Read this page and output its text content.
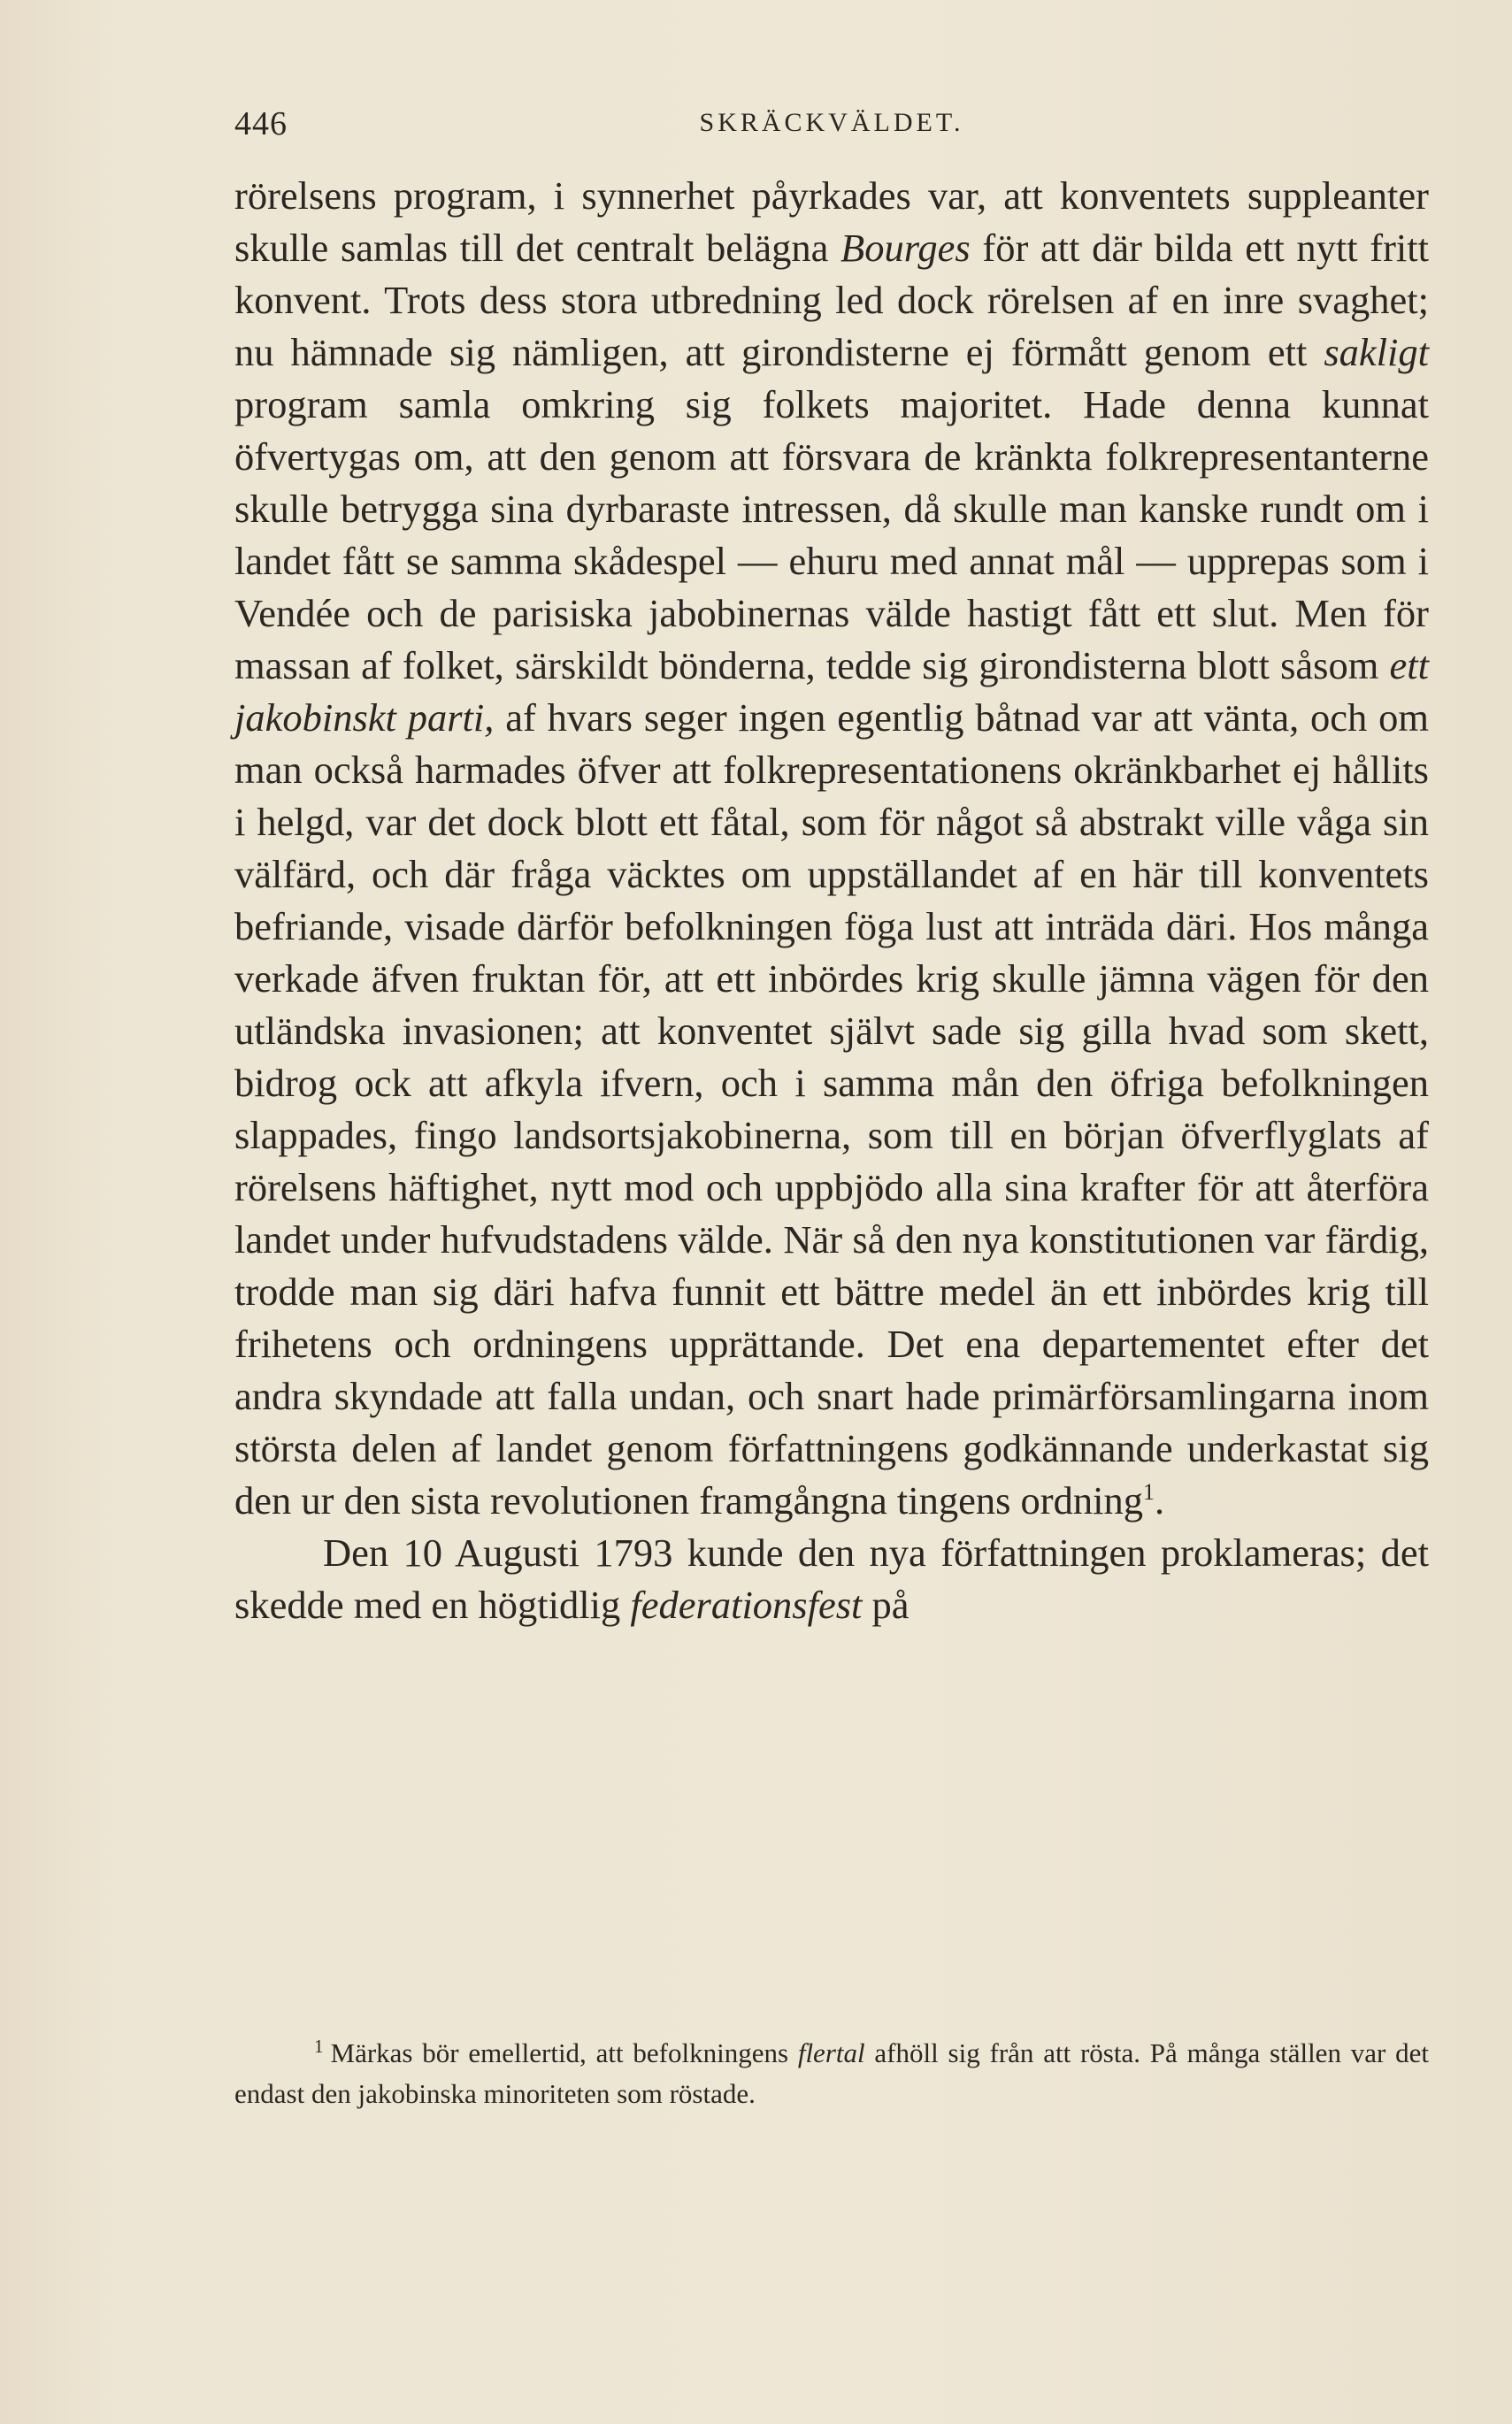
446	SKRÄCKVÄLDET.

rörelsens program, i synnerhet påyrkades var, att konventets suppleanter skulle samlas till det centralt belägna Bourges för att där bilda ett nytt fritt konvent. Trots dess stora utbredning led dock rörelsen af en inre svaghet; nu hämnade sig nämligen, att girondisterne ej förmått genom ett sakligt program samla omkring sig folkets majoritet. Hade denna kunnat öfvertygas om, att den genom att försvara de kränkta folkrepresentanterne skulle betrygga sina dyrbaraste intressen, då skulle man kanske rundt om i landet fått se samma skådespel — ehuru med annat mål — upprepas som i Vendée och de parisiska jabobinernas välde hastigt fått ett slut. Men för massan af folket, särskildt bönderna, tedde sig girondisterna blott såsom ett jakobinskt parti, af hvars seger ingen egentlig båtnad var att vänta, och om man också harmades öfver att folkrepresentationens okränkbarhet ej hållits i helgd, var det dock blott ett fåtal, som för något så abstrakt ville våga sin välfärd, och där fråga väcktes om uppställandet af en här till konventets befriande, visade därför befolkningen föga lust att inträda däri. Hos många verkade äfven fruktan för, att ett inbördes krig skulle jämna vägen för den utländska invasionen; att konventet självt sade sig gilla hvad som skett, bidrog ock att afkyla ifvern, och i samma mån den öfriga befolkningen slappades, fingo landsortsjakobinerna, som till en början öfverflyglats af rörelsens häftighet, nytt mod och uppbjödo alla sina krafter för att återföra landet under hufvudstadens välde. När så den nya konstitutionen var färdig, trodde man sig däri hafva funnit ett bättre medel än ett inbördes krig till frihetens och ordningens upprättande. Det ena departementet efter det andra skyndade att falla undan, och snart hade primärförsamlingarna inom största delen af landet genom författningens godkännande underkastat sig den ur den sista revolutionen framgångna tingens ordning$^1$.

Den 10 Augusti 1793 kunde den nya författningen proklameras; det skedde med en högtidlig federationsfest på

$^1$ Märkas bör emellertid, att befolkningens flertal afhöll sig från att rösta. På många ställen var det endast den jakobinska minoriteten som röstade.
